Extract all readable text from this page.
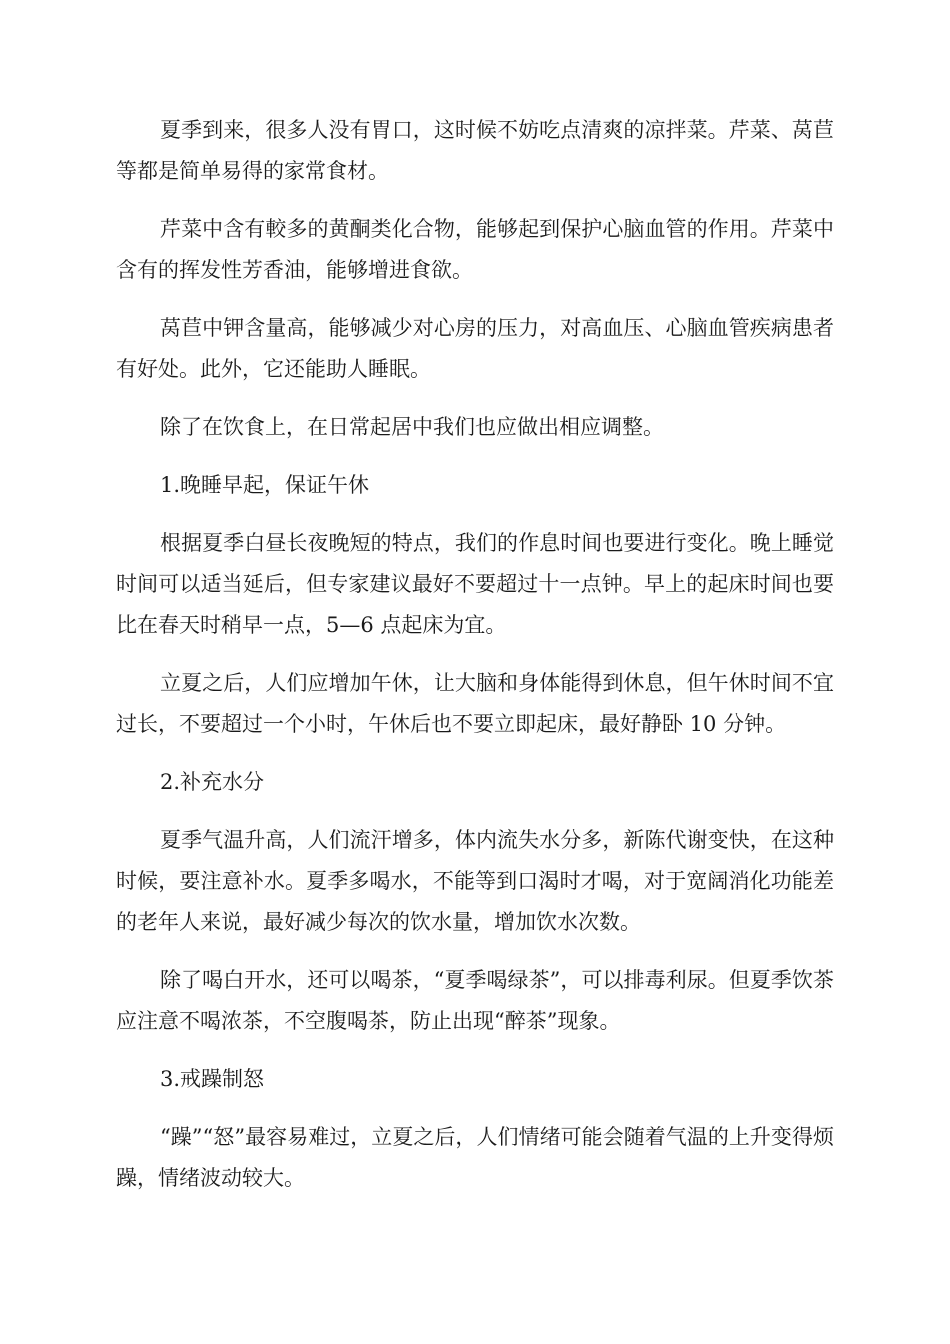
夏季到来，很多人没有胃口，这时候不妨吃点清爽的凉拌菜。芹菜、莴苣等都是简单易得的家常食材。

芹菜中含有較多的黄酮类化合物，能够起到保护心脑血管的作用。芹菜中含有的挥发性芳香油，能够增进食欲。

莴苣中钾含量高，能够减少对心房的压力，对高血压、心脑血管疾病患者有好处。此外，它还能助人睡眠。

除了在饮食上，在日常起居中我们也应做出相应调整。

1.晚睡早起，保证午休

根据夏季白昼长夜晚短的特点，我们的作息时间也要进行变化。晚上睡觉时间可以适当延后，但专家建议最好不要超过十一点钟。早上的起床时间也要比在春天时稍早一点，5—6 点起床为宜。

立夏之后，人们应增加午休，让大脑和身体能得到休息，但午休时间不宜过长，不要超过一个小时，午休后也不要立即起床，最好静卧 10 分钟。

2.补充水分

夏季气温升高，人们流汗增多，体内流失水分多，新陈代谢变快，在这种时候，要注意补水。夏季多喝水，不能等到口渴时才喝，对于宽阔消化功能差的老年人来说，最好减少每次的饮水量，增加饮水次数。

除了喝白开水，还可以喝茶，“夏季喝绿茶”，可以排毒利尿。但夏季饮茶应注意不喝浓茶，不空腹喝茶，防止出现“醉茶”现象。

3.戒躁制怒

“躁”“怒”最容易难过，立夏之后，人们情绪可能会随着气温的上升变得烦躁，情绪波动较大。
